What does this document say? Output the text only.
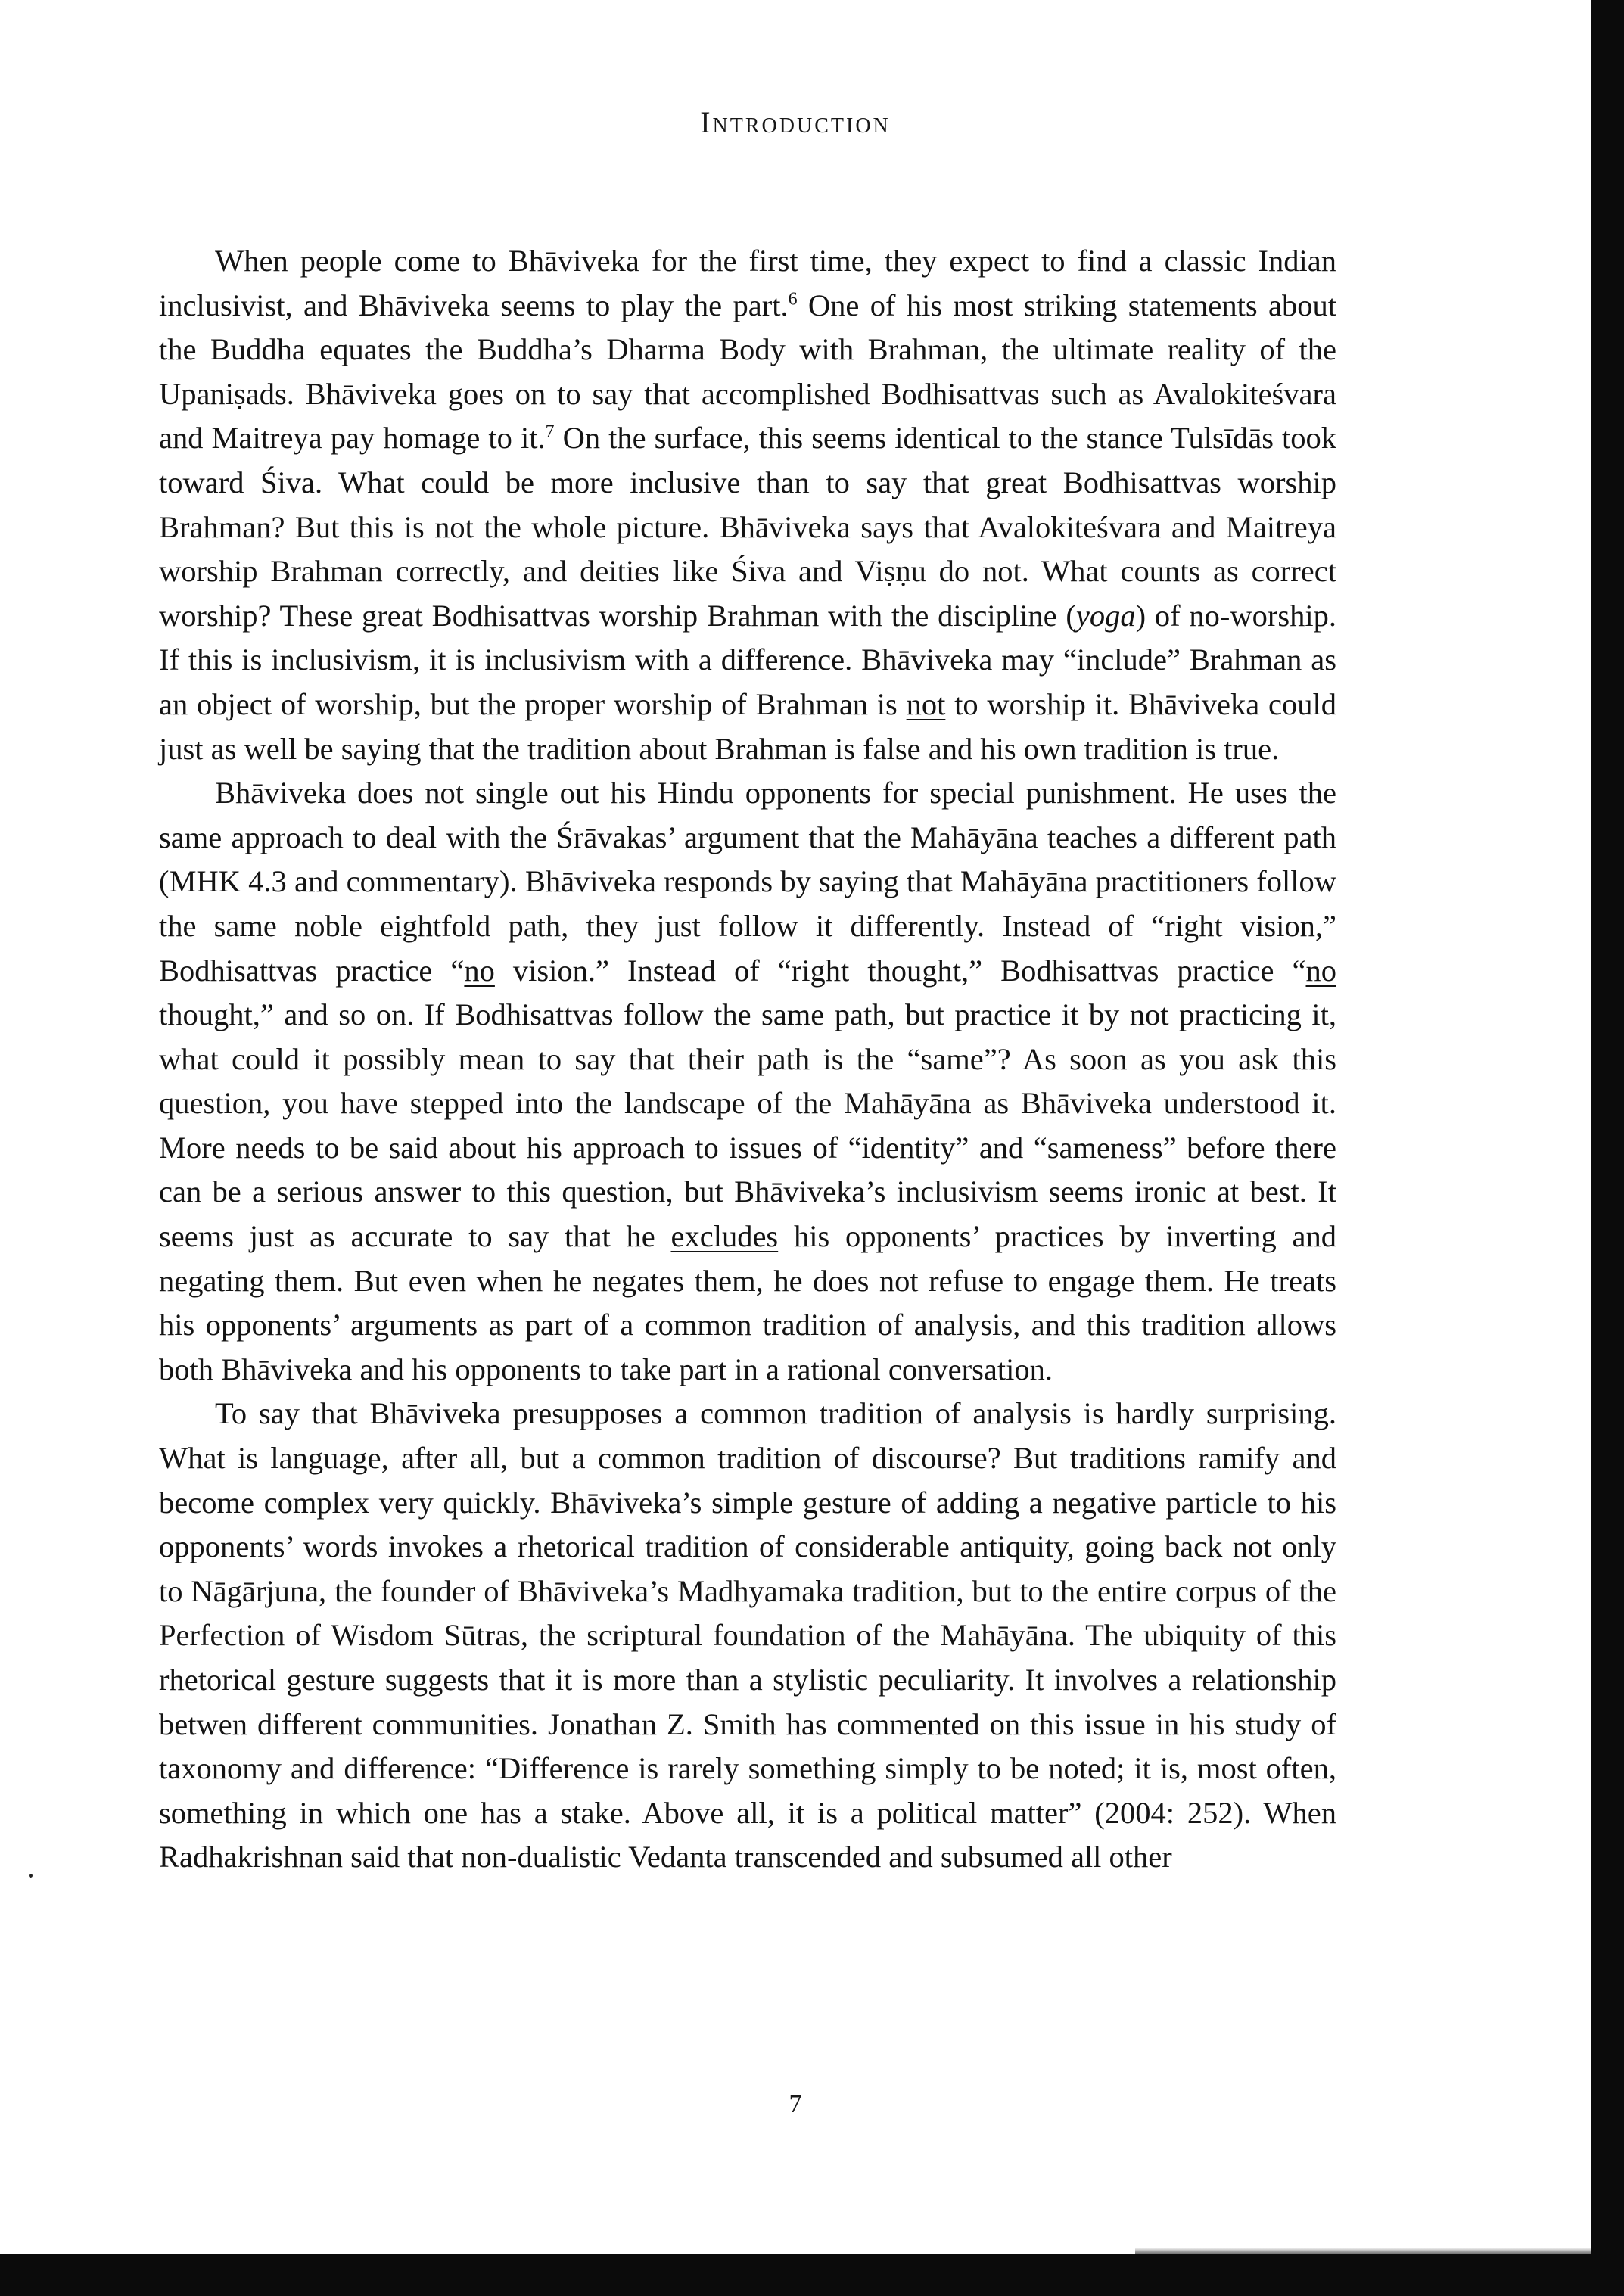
Introduction

When people come to Bhāviveka for the first time, they expect to find a classic Indian inclusivist, and Bhāviveka seems to play the part.$^6$ One of his most striking statements about the Buddha equates the Buddha’s Dharma Body with Brahman, the ultimate reality of the Upaniṣads. Bhāviveka goes on to say that accomplished Bodhisattvas such as Avalokiteśvara and Maitreya pay homage to it.$^7$ On the surface, this seems identical to the stance Tulsīdās took toward Śiva. What could be more inclusive than to say that great Bodhisattvas worship Brahman? But this is not the whole picture. Bhāviveka says that Avalokiteśvara and Maitreya worship Brahman correctly, and deities like Śiva and Viṣṇu do not. What counts as correct worship? These great Bodhisattvas worship Brahman with the discipline (yoga) of no-worship. If this is inclusivism, it is inclusivism with a difference. Bhāviveka may “include” Brahman as an object of worship, but the proper worship of Brahman is not to worship it. Bhāviveka could just as well be saying that the tradition about Brahman is false and his own tradition is true.

Bhāviveka does not single out his Hindu opponents for special punishment. He uses the same approach to deal with the Śrāvakas’ argument that the Mahāyāna teaches a different path (MHK 4.3 and commentary). Bhāviveka responds by saying that Mahāyāna practitioners follow the same noble eightfold path, they just follow it differently. Instead of “right vision,” Bodhisattvas practice “no vision.” Instead of “right thought,” Bodhisattvas practice “no thought,” and so on. If Bodhisattvas follow the same path, but practice it by not practicing it, what could it possibly mean to say that their path is the “same”? As soon as you ask this question, you have stepped into the landscape of the Mahāyāna as Bhāviveka understood it. More needs to be said about his approach to issues of “identity” and “sameness” before there can be a serious answer to this question, but Bhāviveka’s inclusivism seems ironic at best. It seems just as accurate to say that he excludes his opponents’ practices by inverting and negating them. But even when he negates them, he does not refuse to engage them. He treats his opponents’ arguments as part of a common tradition of analysis, and this tradition allows both Bhāviveka and his opponents to take part in a rational conversation.

To say that Bhāviveka presupposes a common tradition of analysis is hardly surprising. What is language, after all, but a common tradition of discourse? But traditions ramify and become complex very quickly. Bhāviveka’s simple gesture of adding a negative particle to his opponents’ words invokes a rhetorical tradition of considerable antiquity, going back not only to Nāgārjuna, the founder of Bhāviveka’s Madhyamaka tradition, but to the entire corpus of the Perfection of Wisdom Sūtras, the scriptural foundation of the Mahāyāna. The ubiquity of this rhetorical gesture suggests that it is more than a stylistic peculiarity. It involves a relationship betwen different communities. Jonathan Z. Smith has commented on this issue in his study of taxonomy and difference: “Difference is rarely something simply to be noted; it is, most often, something in which one has a stake. Above all, it is a political matter” (2004: 252). When Radhakrishnan said that non-dualistic Vedanta transcended and subsumed all other

7
